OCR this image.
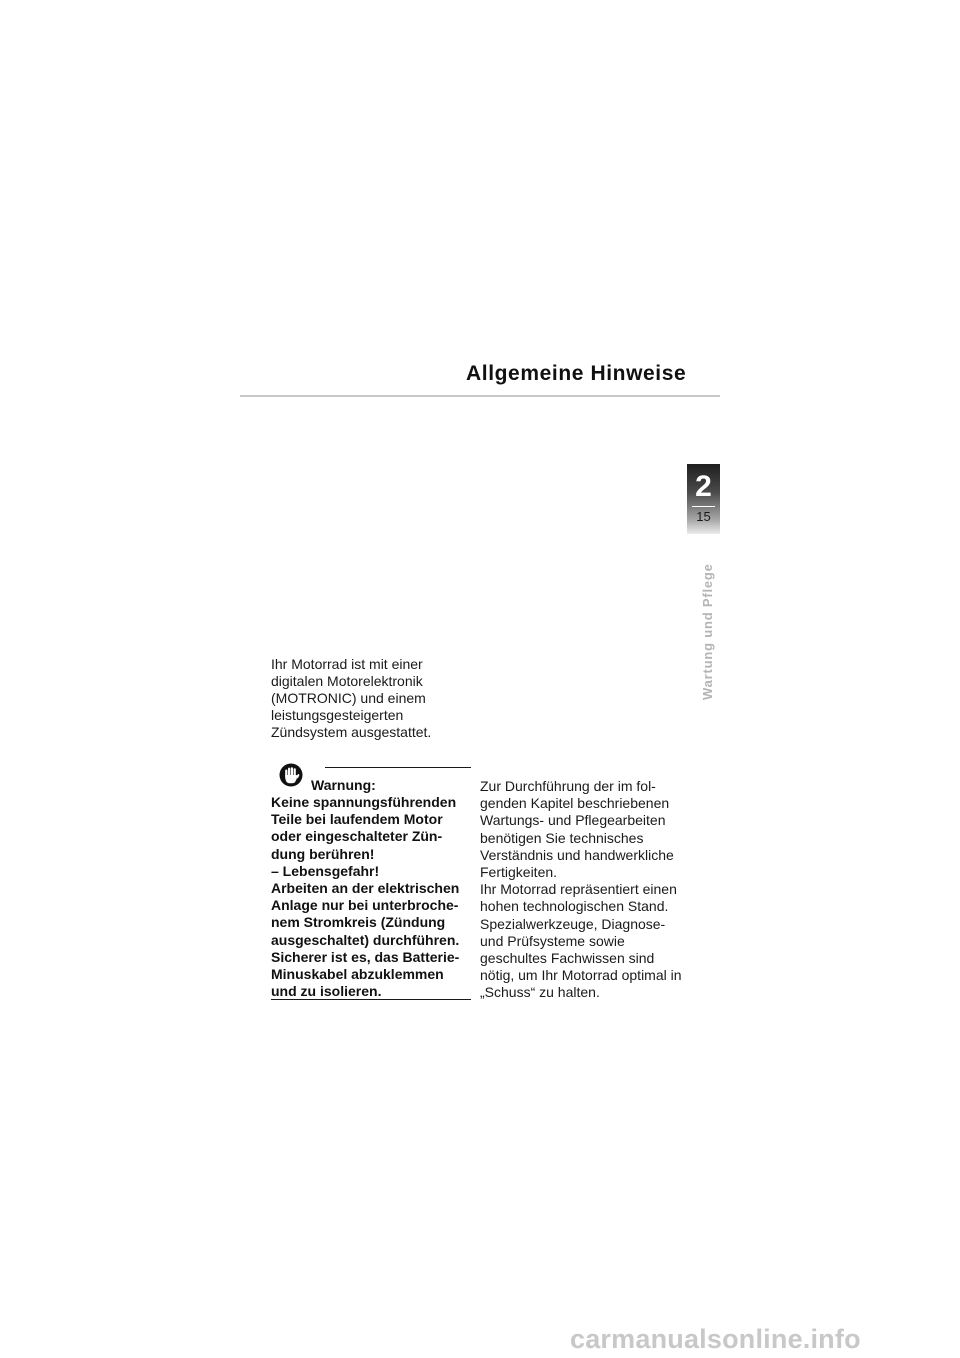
Allgemeine Hinweise
2
15
Wartung und Pflege

Ihr Motorrad ist mit einer digitalen Motorelektronik (MOTRONIC) und einem leistungsgesteigerten Zündsystem ausgestattet.

Warnung:

Keine spannungsführenden Teile bei laufendem Motor oder eingeschalteter Zün-dung berühren!
– Lebensgefahr!
Arbeiten an der elektrischen Anlage nur bei unterbroche-nem Stromkreis (Zündung ausgeschaltet) durchführen. Sicherer ist es, das Batterie-Minuskabel abzuklemmen und zu isolieren.

Zur Durchführung der im fol-genden Kapitel beschriebenen Wartungs- und Pflegearbeiten benötigen Sie technisches Verständnis und handwerkliche Fertigkeiten.
Ihr Motorrad repräsentiert einen hohen technologischen Stand. Spezialwerkzeuge, Diagnose- und Prüfsysteme sowie geschultes Fachwissen sind nötig, um Ihr Motorrad optimal in „Schuss“ zu halten.

carmanualsonline.info
